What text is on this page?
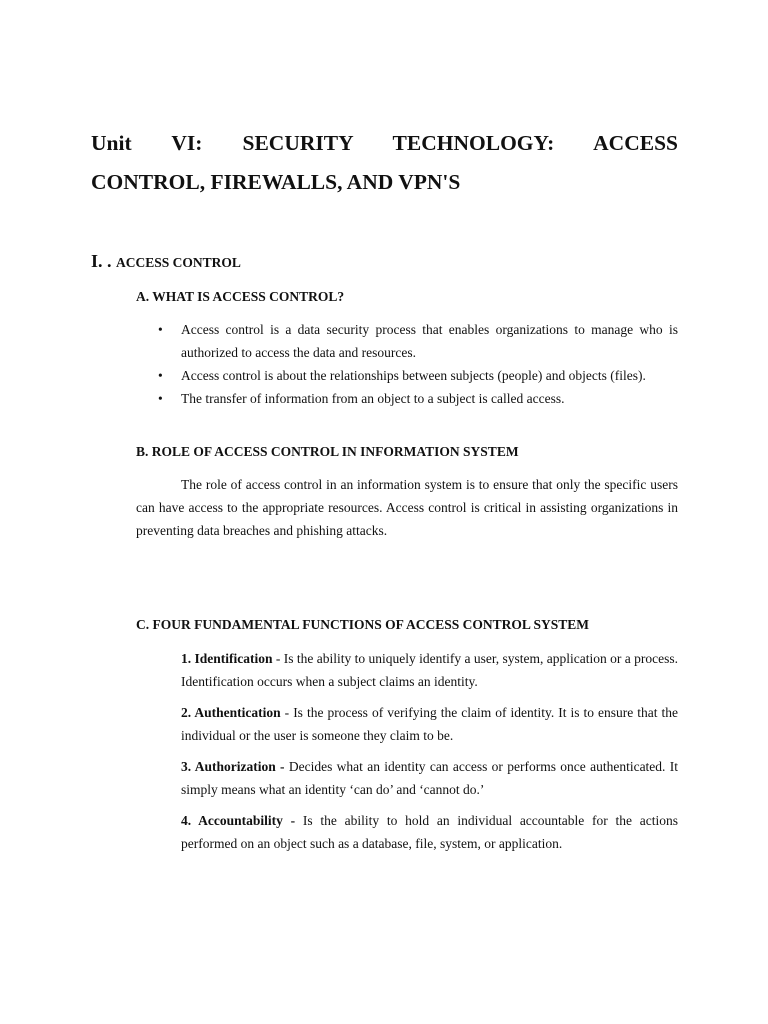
Unit VI: SECURITY TECHNOLOGY: ACCESS
CONTROL, FIREWALLS, AND VPN'S
I. . ACCESS CONTROL
A. WHAT IS ACCESS CONTROL?
• Access control is a data security process that enables organizations to manage who is authorized to access the data and resources.
• Access control is about the relationships between subjects (people) and objects (files).
• The transfer of information from an object to a subject is called access.
B. ROLE OF ACCESS CONTROL IN INFORMATION SYSTEM

The role of access control in an information system is to ensure that only the specific users can have access to the appropriate resources. Access control is critical in assisting organizations in preventing data breaches and phishing attacks.

C. FOUR FUNDAMENTAL FUNCTIONS OF ACCESS CONTROL SYSTEM

1. Identification - Is the ability to uniquely identify a user, system, application or a process. Identification occurs when a subject claims an identity.

2. Authentication - Is the process of verifying the claim of identity. It is to ensure that the individual or the user is someone they claim to be.

3. Authorization - Decides what an identity can access or performs once authenticated. It simply means what an identity ‘can do’ and ‘cannot do.’

4. Accountability - Is the ability to hold an individual accountable for the actions performed on an object such as a database, file, system, or application.
